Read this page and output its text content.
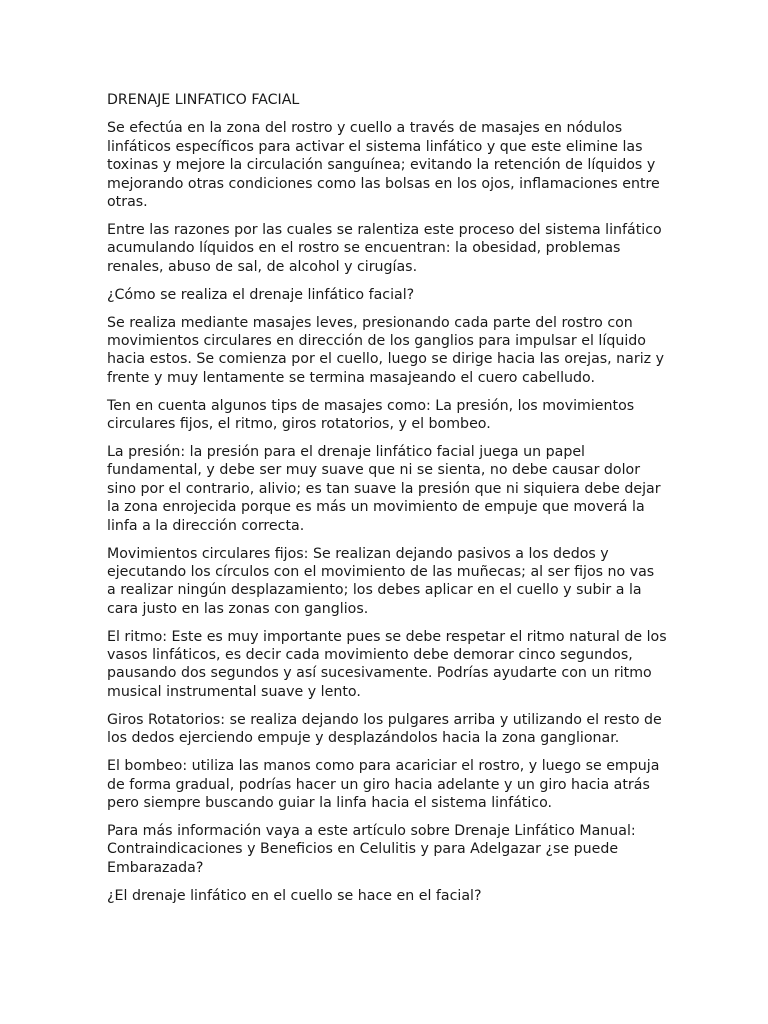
DRENAJE LINFATICO FACIAL

Se efectúa en la zona del rostro y cuello a través de masajes en nódulos linfáticos específicos para activar el sistema linfático y que este elimine las toxinas y mejore la circulación sanguínea; evitando la retención de líquidos y mejorando otras condiciones como las bolsas en los ojos, inflamaciones entre otras.

Entre las razones por las cuales se ralentiza este proceso del sistema linfático acumulando líquidos en el rostro se encuentran: la obesidad, problemas renales, abuso de sal, de alcohol y cirugías.

¿Cómo se realiza el drenaje linfático facial?

Se realiza mediante masajes leves, presionando cada parte del rostro con movimientos circulares en dirección de los ganglios para impulsar el líquido hacia estos. Se comienza por el cuello, luego se dirige hacia las orejas, nariz y frente y muy lentamente se termina masajeando el cuero cabelludo.

Ten en cuenta algunos tips de masajes como: La presión, los movimientos circulares fijos, el ritmo, giros rotatorios, y el bombeo.

La presión: la presión para el drenaje linfático facial juega un papel fundamental, y debe ser muy suave que ni se sienta, no debe causar dolor sino por el contrario, alivio; es tan suave la presión que ni siquiera debe dejar la zona enrojecida porque es más un movimiento de empuje que moverá la linfa a la dirección correcta.

Movimientos circulares fijos: Se realizan dejando pasivos a los dedos y ejecutando los círculos con el movimiento de las muñecas; al ser fijos no vas a realizar ningún desplazamiento; los debes aplicar en el cuello y subir a la cara justo en las zonas con ganglios.

El ritmo: Este es muy importante pues se debe respetar el ritmo natural de los vasos linfáticos, es decir cada movimiento debe demorar cinco segundos, pausando dos segundos y así sucesivamente. Podrías ayudarte con un ritmo musical instrumental suave y lento.

Giros Rotatorios: se realiza dejando los pulgares arriba y utilizando el resto de los dedos ejerciendo empuje y desplazándolos hacia la zona ganglionar.

El bombeo: utiliza las manos como para acariciar el rostro, y luego se empuja de forma gradual, podrías hacer un giro hacia adelante y un giro hacia atrás pero siempre buscando guiar la linfa hacia el sistema linfático.

Para más información vaya a este artículo sobre Drenaje Linfático Manual: Contraindicaciones y Beneficios en Celulitis y para Adelgazar ¿se puede Embarazada?

¿El drenaje linfático en el cuello se hace en el facial?
